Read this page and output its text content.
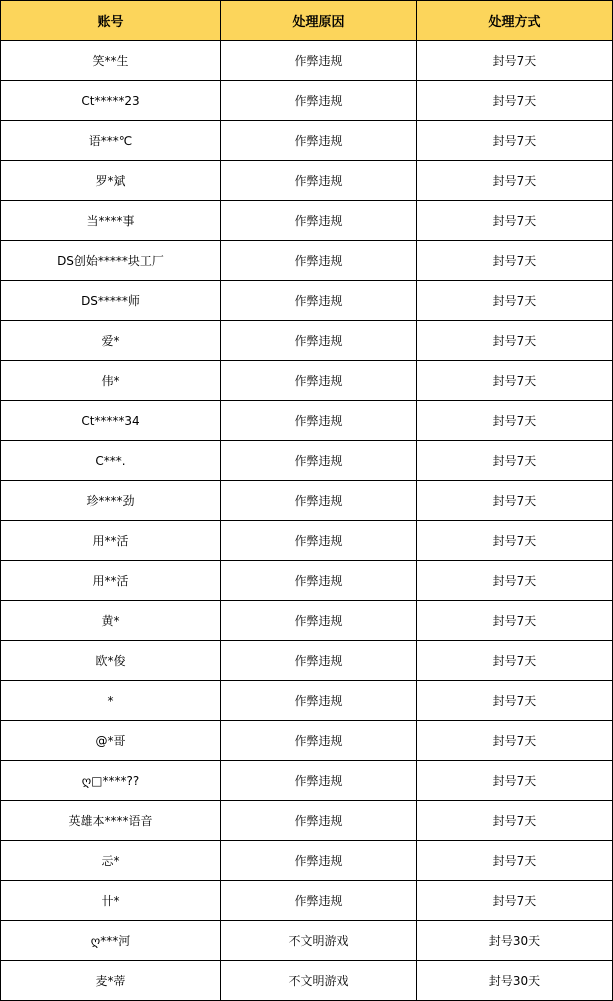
账号	处理原因	处理方式
笑**生	作弊违规	封号7天
Ct*****23	作弊违规	封号7天
语***℃	作弊违规	封号7天
罗*斌	作弊违规	封号7天
当****事	作弊违规	封号7天
DS创始*****块工厂	作弊违规	封号7天
DS*****师	作弊违规	封号7天
爱*	作弊违规	封号7天
伟*	作弊违规	封号7天
Ct*****34	作弊违规	封号7天
C***.	作弊违规	封号7天
珍****劲	作弊违规	封号7天
用**活	作弊违规	封号7天
用**活	作弊违规	封号7天
黄*	作弊违规	封号7天
欧*俊	作弊违规	封号7天
*	作弊违规	封号7天
@*哥	作弊违规	封号7天
ღ□****??	作弊违规	封号7天
英雄本****语音	作弊违规	封号7天
忈*	作弊违规	封号7天
卄*	作弊违规	封号7天
ღ***河	不文明游戏	封号30天
麦*蒂	不文明游戏	封号30天
